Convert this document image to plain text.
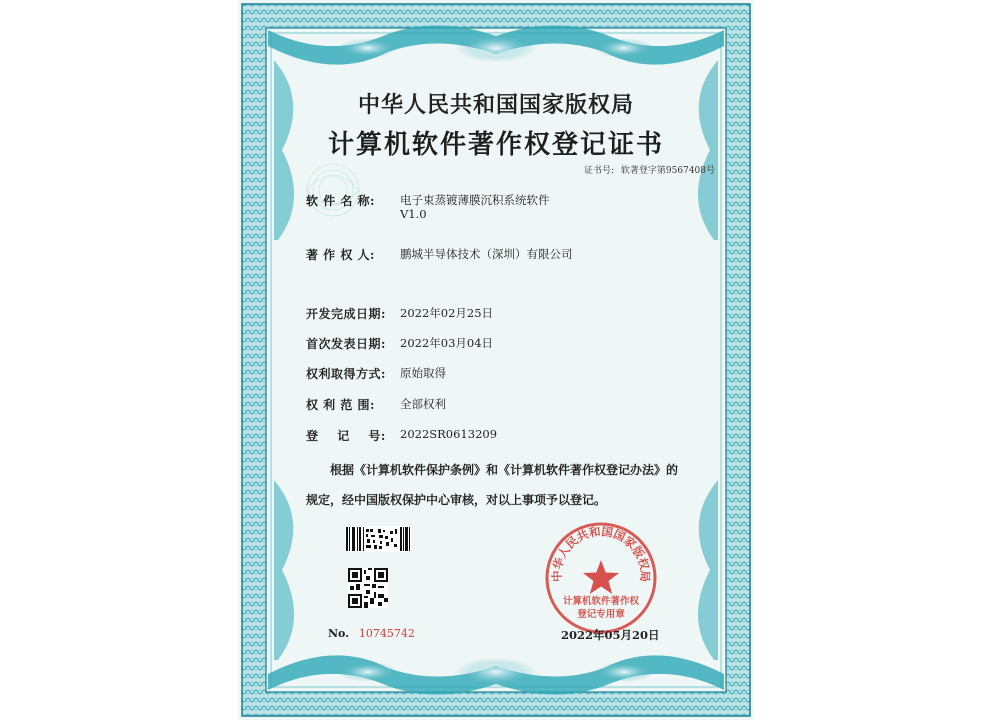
中华人民共和国国家版权局
计算机软件著作权登记证书
证书号: 软著登字第9567408号
软 件 名 称: 电子束蒸镀薄膜沉积系统软件
V1.0
著 作 权 人: 鹏城半导体技术（深圳）有限公司
开发完成日期: 2022年02月25日
首次发表日期: 2022年03月04日
权利取得方式: 原始取得
权 利 范 围: 全部权利
登    记    号: 2022SR0613209
根据《计算机软件保护条例》和《计算机软件著作权登记办法》的
规定，经中国版权保护中心审核，对以上事项予以登记。
No. 10745742
中华人民共和国国家版权局
计算机软件著作权
登记专用章
2022年05月20日
